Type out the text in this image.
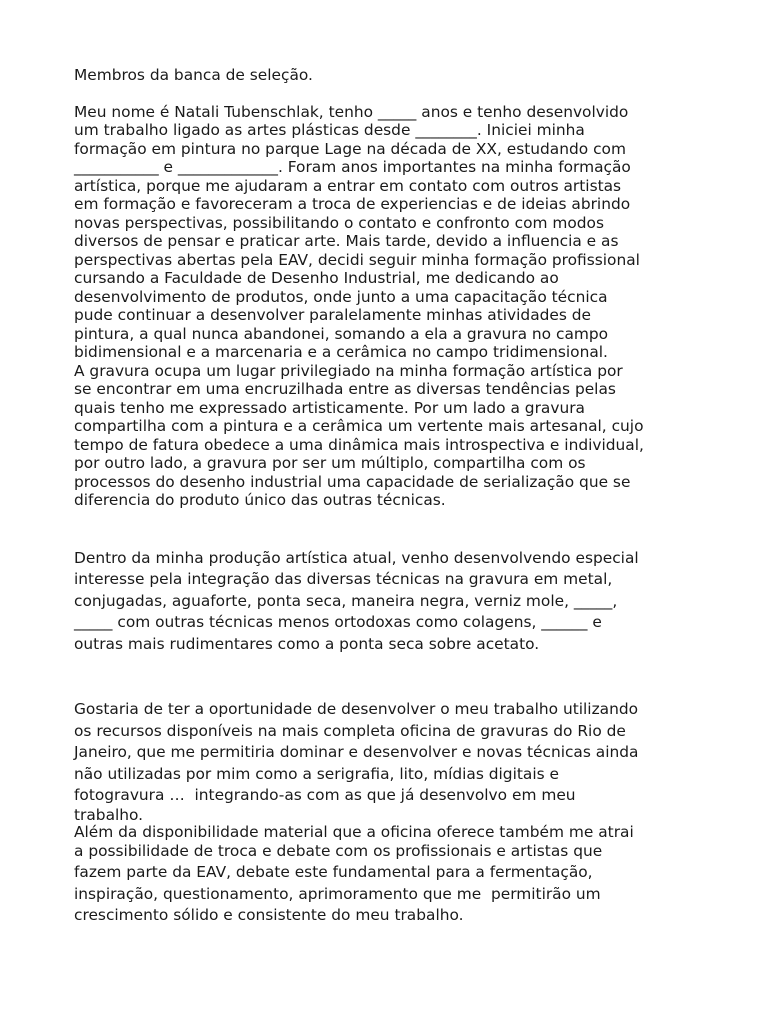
Membros da banca de seleção.

Meu nome é Natali Tubenschlak, tenho _____ anos e tenho desenvolvido

um trabalho ligado as artes plásticas desde ________. Iniciei minha

formação em pintura no parque Lage na década de XX, estudando com

___________ e _____________. Foram anos importantes na minha formação

artística, porque me ajudaram a entrar em contato com outros artistas

em formação e favoreceram a troca de experiencias e de ideias abrindo

novas perspectivas, possibilitando o contato e confronto com modos

diversos de pensar e praticar arte. Mais tarde, devido a influencia e as

perspectivas abertas pela EAV, decidi seguir minha formação profissional

cursando a Faculdade de Desenho Industrial, me dedicando ao

desenvolvimento de produtos, onde junto a uma capacitação técnica

pude continuar a desenvolver paralelamente minhas atividades de

pintura, a qual nunca abandonei, somando a ela a gravura no campo

bidimensional e a marcenaria e a cerâmica no campo tridimensional.

A gravura ocupa um lugar privilegiado na minha formação artística por

se encontrar em uma encruzilhada entre as diversas tendências pelas

quais tenho me expressado artisticamente. Por um lado a gravura

compartilha com a pintura e a cerâmica um vertente mais artesanal, cujo

tempo de fatura obedece a uma dinâmica mais introspectiva e individual,

por outro lado, a gravura por ser um múltiplo, compartilha com os

processos do desenho industrial uma capacidade de serialização que se

diferencia do produto único das outras técnicas.

Dentro da minha produção artística atual, venho desenvolvendo especial

interesse pela integração das diversas técnicas na gravura em metal,

conjugadas, aguaforte, ponta seca, maneira negra, verniz mole, _____,

_____ com outras técnicas menos ortodoxas como colagens, ______ e

outras mais rudimentares como a ponta seca sobre acetato.

Gostaria de ter a oportunidade de desenvolver o meu trabalho utilizando

os recursos disponíveis na mais completa oficina de gravuras do Rio de

Janeiro, que me permitiria dominar e desenvolver e novas técnicas ainda

não utilizadas por mim como a serigrafia, lito, mídias digitais e

fotogravura …  integrando-as com as que já desenvolvo em meu

trabalho.

Além da disponibilidade material que a oficina oferece também me atrai

a possibilidade de troca e debate com os profissionais e artistas que

fazem parte da EAV, debate este fundamental para a fermentação,

inspiração, questionamento, aprimoramento que me  permitirão um

crescimento sólido e consistente do meu trabalho.
